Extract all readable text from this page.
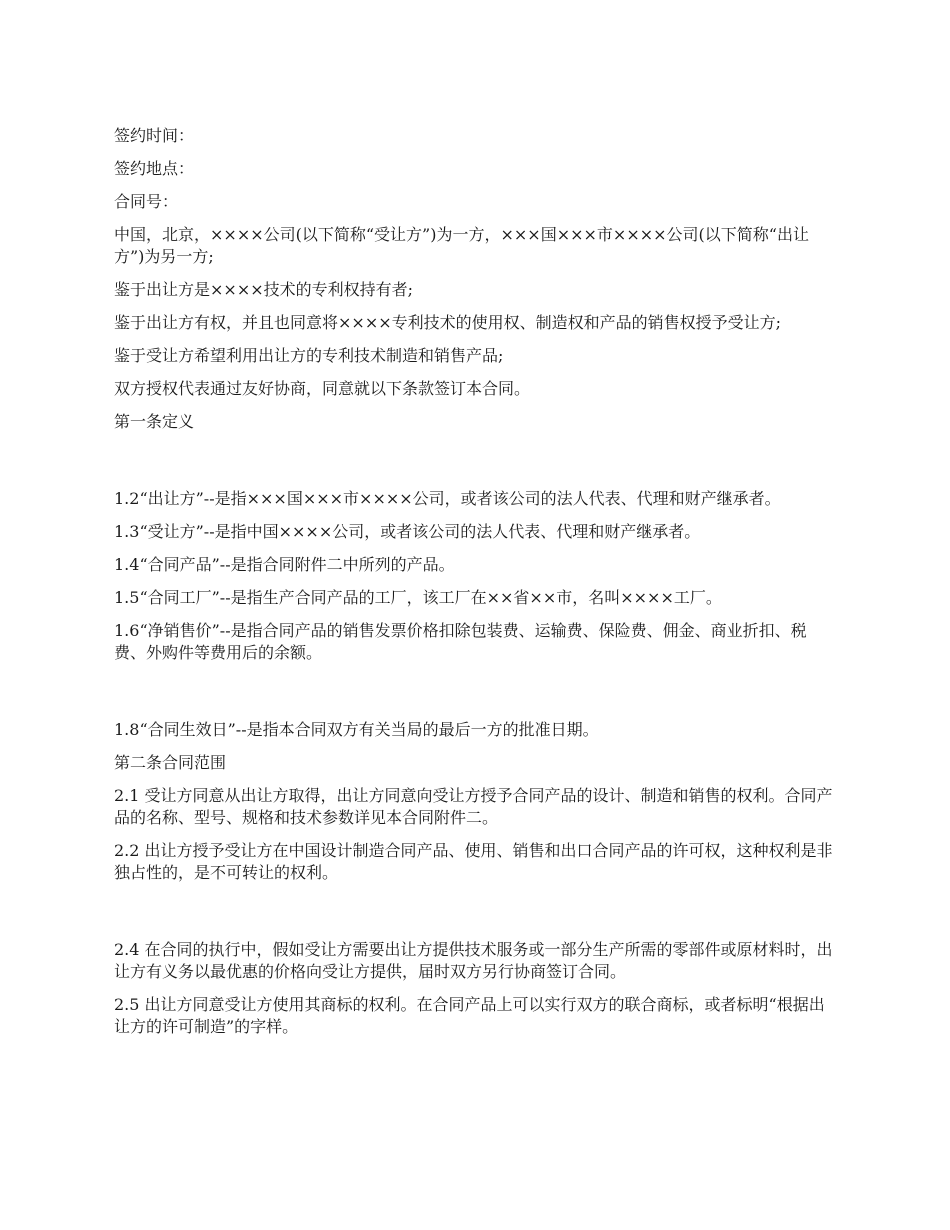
签约时间：

签约地点：

合同号：

中国，北京，××××公司(以下简称“受让方”)为一方，×××国×××市××××公司(以下简称“出让方”)为另一方;

鉴于出让方是××××技术的专利权持有者;

鉴于出让方有权，并且也同意将××××专利技术的使用权、制造权和产品的销售权授予受让方;

鉴于受让方希望利用出让方的专利技术制造和销售产品;

双方授权代表通过友好协商，同意就以下条款签订本合同。

第一条定义

1.2“出让方”--是指×××国×××市××××公司，或者该公司的法人代表、代理和财产继承者。

1.3“受让方”--是指中国××××公司，或者该公司的法人代表、代理和财产继承者。

1.4“合同产品”--是指合同附件二中所列的产品。

1.5“合同工厂”--是指生产合同产品的工厂，该工厂在××省××市，名叫××××工厂。

1.6“净销售价”--是指合同产品的销售发票价格扣除包装费、运输费、保险费、佣金、商业折扣、税费、外购件等费用后的余额。

1.8“合同生效日”--是指本合同双方有关当局的最后一方的批准日期。

第二条合同范围

2.1 受让方同意从出让方取得，出让方同意向受让方授予合同产品的设计、制造和销售的权利。合同产品的名称、型号、规格和技术参数详见本合同附件二。

2.2 出让方授予受让方在中国设计制造合同产品、使用、销售和出口合同产品的许可权，这种权利是非独占性的，是不可转让的权利。

2.4 在合同的执行中，假如受让方需要出让方提供技术服务或一部分生产所需的零部件或原材料时，出让方有义务以最优惠的价格向受让方提供，届时双方另行协商签订合同。

2.5 出让方同意受让方使用其商标的权利。在合同产品上可以实行双方的联合商标，或者标明“根据出让方的许可制造”的字样。
